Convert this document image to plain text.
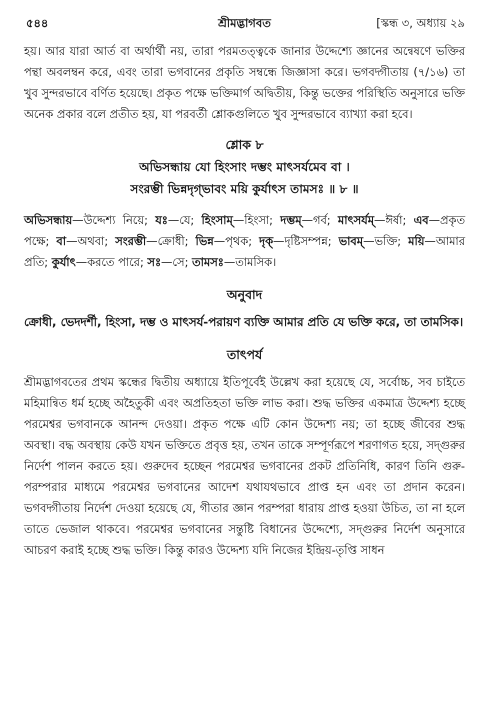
৫৪৪	শ্রীমদ্ভাগবত	[স্কন্ধ ৩, অধ্যায় ২৯

হয়। আর যারা আর্ত বা অর্থার্থী নয়, তারা পরমতত্ত্বকে জানার উদ্দেশ্যে জ্ঞানের অন্বেষণে ভক্তির পন্থা অবলম্বন করে, এবং তারা ভগবানের প্রকৃতি সম্বন্ধে জিজ্ঞাসা করে। ভগবদ্গীতায় (৭/১৬) তা খুব সুন্দরভাবে বর্ণিত হয়েছে। প্রকৃত পক্ষে ভক্তিমার্গ অদ্বিতীয়, কিন্তু ভক্তের পরিস্থিতি অনুসারে ভক্তি অনেক প্রকার বলে প্রতীত হয়, যা পরবর্তী শ্লোকগুলিতে খুব সুন্দরভাবে ব্যাখ্যা করা হবে।

শ্লোক ৮
অভিসন্ধায় যো হিংসাং দম্ভং মাৎসর্যমেব বা ।
সংরম্ভী ভিন্নদৃগ্ভাবং ময়ি কুর্যাৎস তামসঃ ॥ ৮ ॥

অভিসন্ধায়—উদ্দেশ্য নিয়ে; যঃ—যে; হিংসাম্—হিংসা; দম্ভম্—গর্ব; মাৎসর্যম্—ঈর্ষা; এব—প্রকৃত পক্ষে; বা—অথবা; সংরম্ভী—ক্রোধী; ভিন্ন—পৃথক; দৃক্—দৃষ্টিসম্পন্ন; ভাবম্—ভক্তি; ময়ি—আমার প্রতি; কুর্যাৎ—করতে পারে; সঃ—সে; তামসঃ—তামসিক।

অনুবাদ

ক্রোধী, ভেদদর্শী, হিংসা, দম্ভ ও মাৎসর্য-পরায়ণ ব্যক্তি আমার প্রতি যে ভক্তি করে, তা তামসিক।

তাৎপর্য

শ্রীমদ্ভাগবতের প্রথম স্কন্ধের দ্বিতীয় অধ্যায়ে ইতিপূর্বেই উল্লেখ করা হয়েছে যে, সর্বোচ্চ, সব চাইতে মহিমান্বিত ধর্ম হচ্ছে অহৈতুকী এবং অপ্রতিহতা ভক্তি লাভ করা। শুদ্ধ ভক্তির একমাত্র উদ্দেশ্য হচ্ছে পরমেশ্বর ভগবানকে আনন্দ দেওয়া। প্রকৃত পক্ষে এটি কোন উদ্দেশ্য নয়; তা হচ্ছে জীবের শুদ্ধ অবস্থা। বদ্ধ অবস্থায় কেউ যখন ভক্তিতে প্রবৃত্ত হয়, তখন তাকে সম্পূর্ণরূপে শরণাগত হয়ে, সদ্গুরুর নির্দেশ পালন করতে হয়। গুরুদেব হচ্ছেন পরমেশ্বর ভগবানের প্রকট প্রতিনিধি, কারণ তিনি গুরু-পরম্পরার মাধ্যমে পরমেশ্বর ভগবানের আদেশ যথাযথভাবে প্রাপ্ত হন এবং তা প্রদান করেন। ভগবদ্গীতায় নির্দেশ দেওয়া হয়েছে যে, গীতার জ্ঞান পরম্পরা ধারায় প্রাপ্ত হওয়া উচিত, তা না হলে তাতে ভেজাল থাকবে। পরমেশ্বর ভগবানের সন্তুষ্টি বিধানের উদ্দেশ্যে, সদ্গুরুর নির্দেশ অনুসারে আচরণ করাই হচ্ছে শুদ্ধ ভক্তি। কিন্তু কারও উদ্দেশ্য যদি নিজের ইন্দ্রিয়-তৃপ্তি সাধন
